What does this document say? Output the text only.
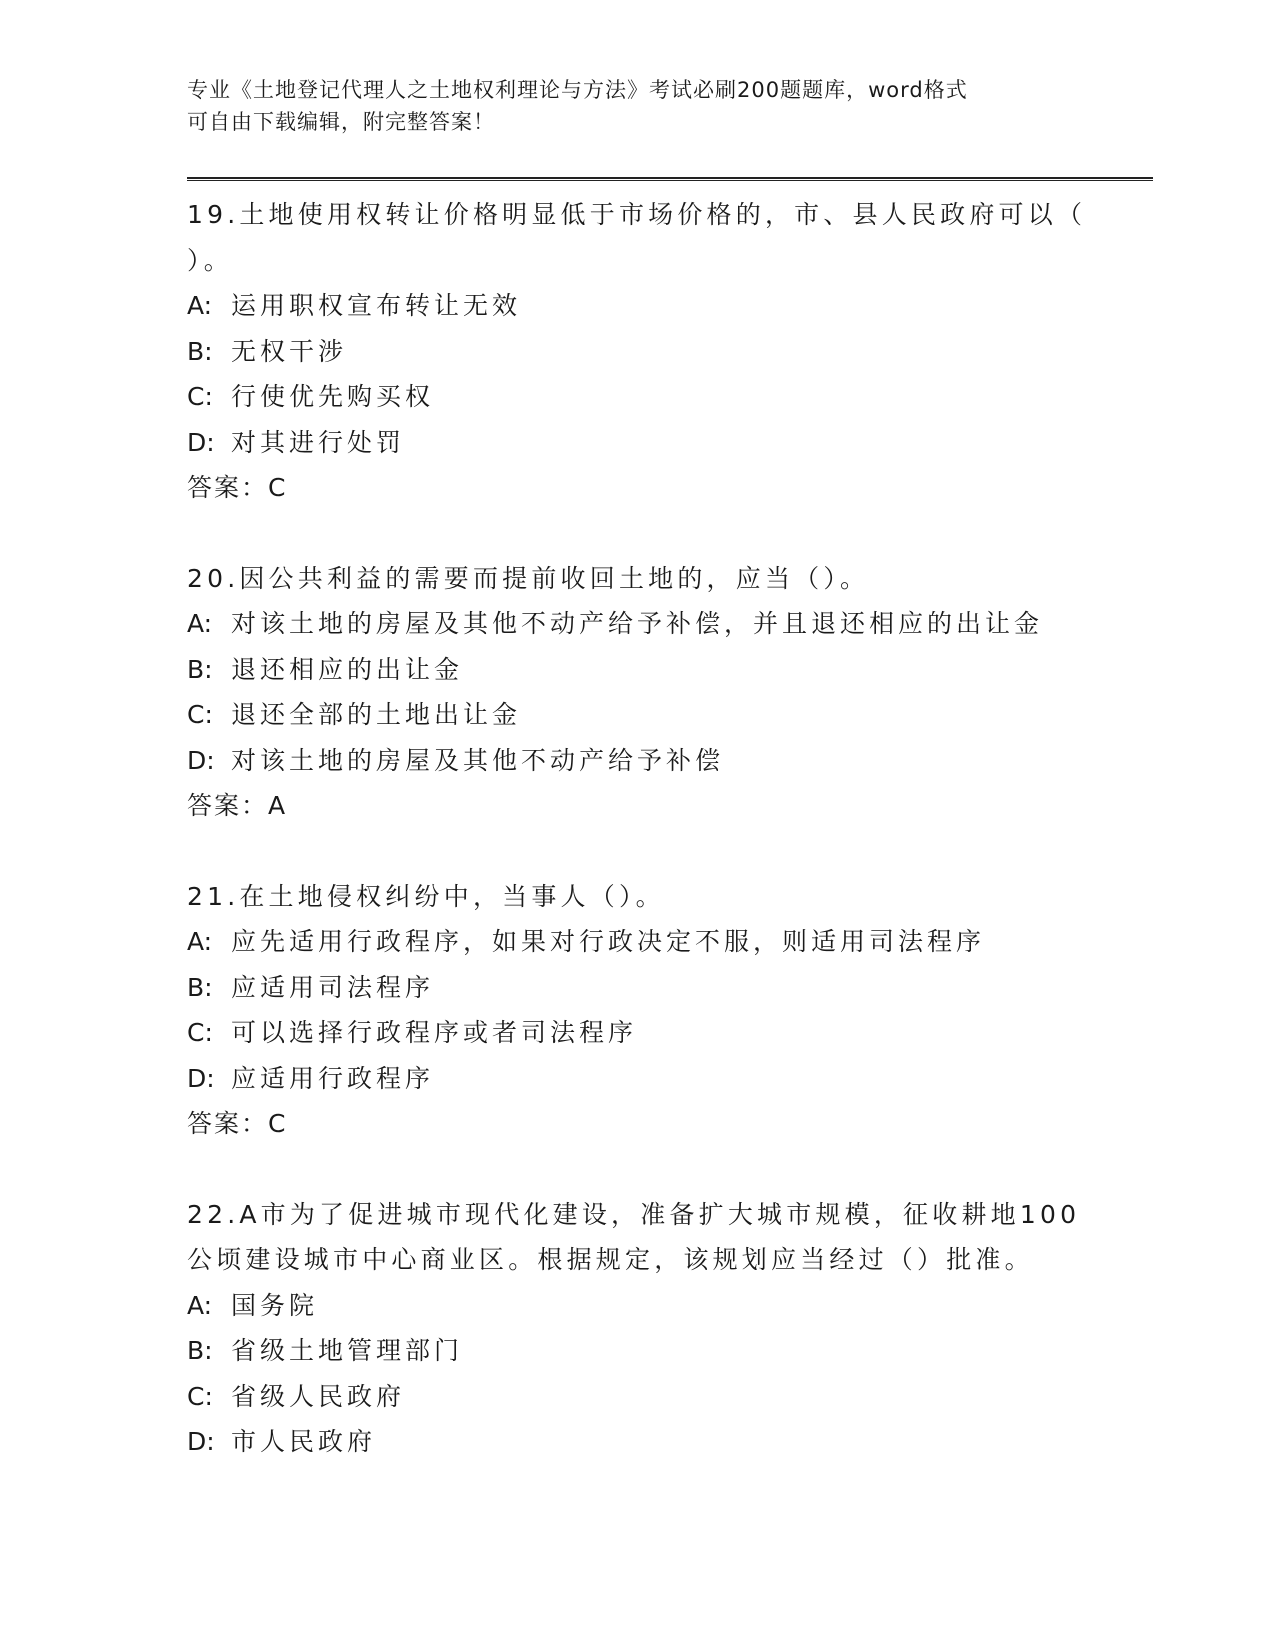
专业《土地登记代理人之土地权利理论与方法》考试必刷200题题库，word格式
可自由下载编辑，附完整答案！
19.土地使用权转让价格明显低于市场价格的，市、县人民政府可以（
）。
A: 运用职权宣布转让无效
B: 无权干涉
C: 行使优先购买权
D: 对其进行处罚
答案：C
20.因公共利益的需要而提前收回土地的，应当（）。
A: 对该土地的房屋及其他不动产给予补偿，并且退还相应的出让金
B: 退还相应的出让金
C: 退还全部的土地出让金
D: 对该土地的房屋及其他不动产给予补偿
答案：A
21.在土地侵权纠纷中，当事人（）。
A: 应先适用行政程序，如果对行政决定不服，则适用司法程序
B: 应适用司法程序
C: 可以选择行政程序或者司法程序
D: 应适用行政程序
答案：C
22.A市为了促进城市现代化建设，准备扩大城市规模，征收耕地100
公顷建设城市中心商业区。根据规定，该规划应当经过（）批准。
A: 国务院
B: 省级土地管理部门
C: 省级人民政府
D: 市人民政府
